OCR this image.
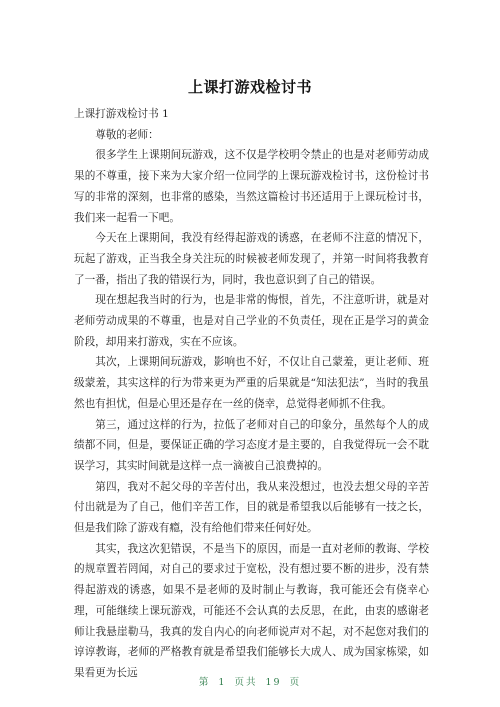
上课打游戏检讨书

上课打游戏检讨书 1

尊敬的老师：

很多学生上课期间玩游戏，这不仅是学校明令禁止的也是对老师劳动成果的不尊重，接下来为大家介绍一位同学的上课玩游戏检讨书，这份检讨书写的非常的深刻，也非常的感染，当然这篇检讨书还适用于上课玩检讨书，我们来一起看一下吧。

今天在上课期间，我没有经得起游戏的诱惑，在老师不注意的情况下，玩起了游戏，正当我全身关注玩的时候被老师发现了，并第一时间将我教育了一番，指出了我的错误行为，同时，我也意识到了自己的错误。

现在想起我当时的行为，也是非常的悔恨，首先，不注意听讲，就是对老师劳动成果的不尊重，也是对自己学业的不负责任，现在正是学习的黄金阶段，却用来打游戏，实在不应该。

其次，上课期间玩游戏，影响也不好，不仅让自己蒙羞，更让老师、班级蒙羞，其实这样的行为带来更为严重的后果就是“知法犯法”，当时的我虽然也有担忧，但是心里还是存在一丝的侥幸，总觉得老师抓不住我。

第三，通过这样的行为，拉低了老师对自己的印象分，虽然每个人的成绩都不同，但是，要保证正确的学习态度才是主要的，自我觉得玩一会不耽误学习，其实时间就是这样一点一滴被自己浪费掉的。

第四，我对不起父母的辛苦付出，我从来没想过，也没去想父母的辛苦付出就是为了自己，他们辛苦工作，目的就是希望我以后能够有一技之长，但是我们除了游戏有瘾，没有给他们带来任何好处。

其实，我这次犯错误，不是当下的原因，而是一直对老师的教诲、学校的规章置若罔闻，对自己的要求过于宽松，没有想过要不断的进步，没有禁得起游戏的诱惑，如果不是老师的及时制止与教诲，我可能还会有侥幸心理，可能继续上课玩游戏，可能还不会认真的去反思，在此，由衷的感谢老师让我悬崖勒马，我真的发自内心的向老师说声对不起，对不起您对我们的谆谆教诲，老师的严格教育就是希望我们能够长大成人、成为国家栋梁，如果看更为长远

第 1 页共 19 页
